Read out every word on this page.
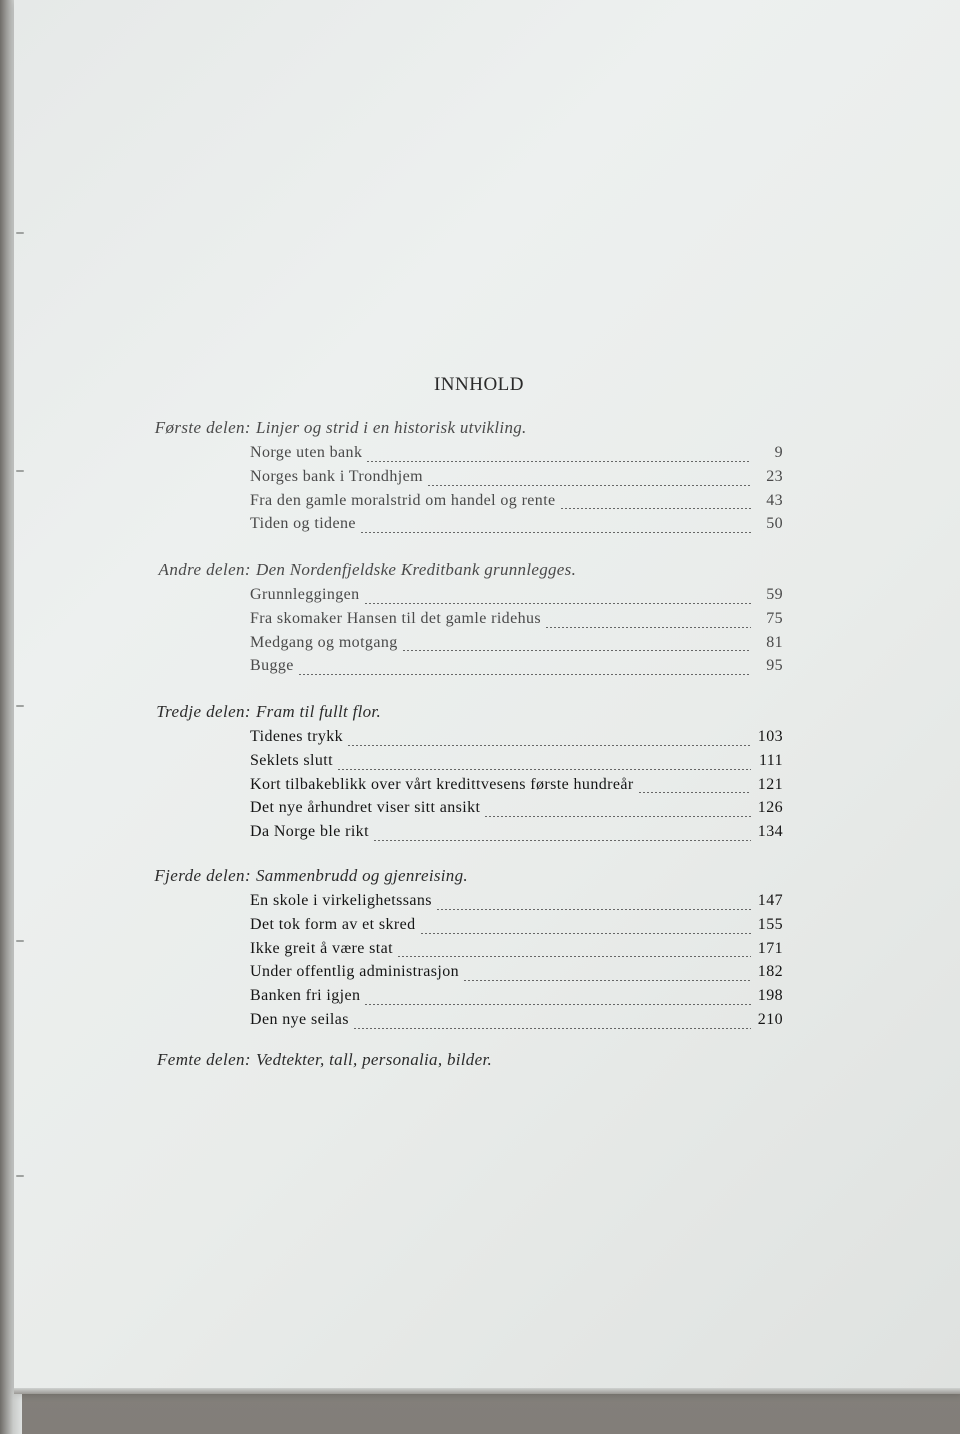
INNHOLD
Første delen: Linjer og strid i en historisk utvikling.
Norge uten bank	9
Norges bank i Trondhjem	23
Fra den gamle moralstrid om handel og rente	43
Tiden og tidene	50
Andre delen: Den Nordenfjeldske Kreditbank grunnlegges.
Grunnleggingen	59
Fra skomaker Hansen til det gamle ridehus	75
Medgang og motgang	81
Bugge	95
Tredje delen: Fram til fullt flor.
Tidenes trykk	103
Seklets slutt	111
Kort tilbakeblikk over vårt kredittvesens første hundreår	121
Det nye århundret viser sitt ansikt	126
Da Norge ble rikt	134
Fjerde delen: Sammenbrudd og gjenreising.
En skole i virkelighetssans	147
Det tok form av et skred	155
Ikke greit å være stat	171
Under offentlig administrasjon	182
Banken fri igjen	198
Den nye seilas	210
Femte delen: Vedtekter, tall, personalia, bilder.
